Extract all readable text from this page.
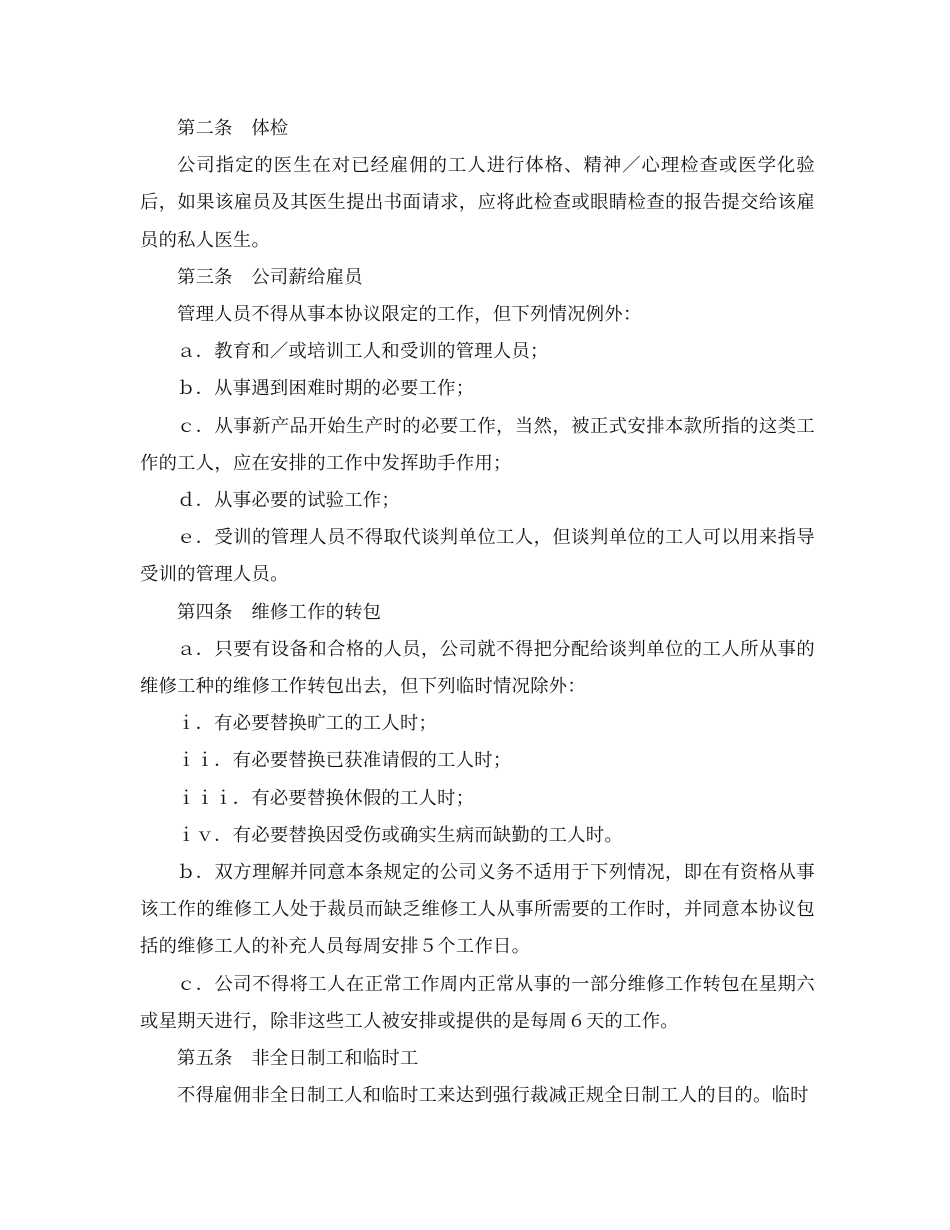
第二条　体检

公司指定的医生在对已经雇佣的工人进行体格、精神／心理检查或医学化验后，如果该雇员及其医生提出书面请求，应将此检查或眼睛检查的报告提交给该雇员的私人医生。

第三条　公司薪给雇员

管理人员不得从事本协议限定的工作，但下列情况例外：

ａ．教育和／或培训工人和受训的管理人员；

ｂ．从事遇到困难时期的必要工作；

ｃ．从事新产品开始生产时的必要工作，当然，被正式安排本款所指的这类工作的工人，应在安排的工作中发挥助手作用；

ｄ．从事必要的试验工作；

ｅ．受训的管理人员不得取代谈判单位工人，但谈判单位的工人可以用来指导受训的管理人员。

第四条　维修工作的转包

ａ．只要有设备和合格的人员，公司就不得把分配给谈判单位的工人所从事的维修工种的维修工作转包出去，但下列临时情况除外：

ｉ．有必要替换旷工的工人时；

ｉｉ．有必要替换已获准请假的工人时；

ｉｉｉ．有必要替换休假的工人时；

ｉｖ．有必要替换因受伤或确实生病而缺勤的工人时。

ｂ．双方理解并同意本条规定的公司义务不适用于下列情况，即在有资格从事该工作的维修工人处于裁员而缺乏维修工人从事所需要的工作时，并同意本协议包括的维修工人的补充人员每周安排５个工作日。

ｃ．公司不得将工人在正常工作周内正常从事的一部分维修工作转包在星期六或星期天进行，除非这些工人被安排或提供的是每周６天的工作。

第五条　非全日制工和临时工

不得雇佣非全日制工人和临时工来达到强行裁减正规全日制工人的目的。临时
